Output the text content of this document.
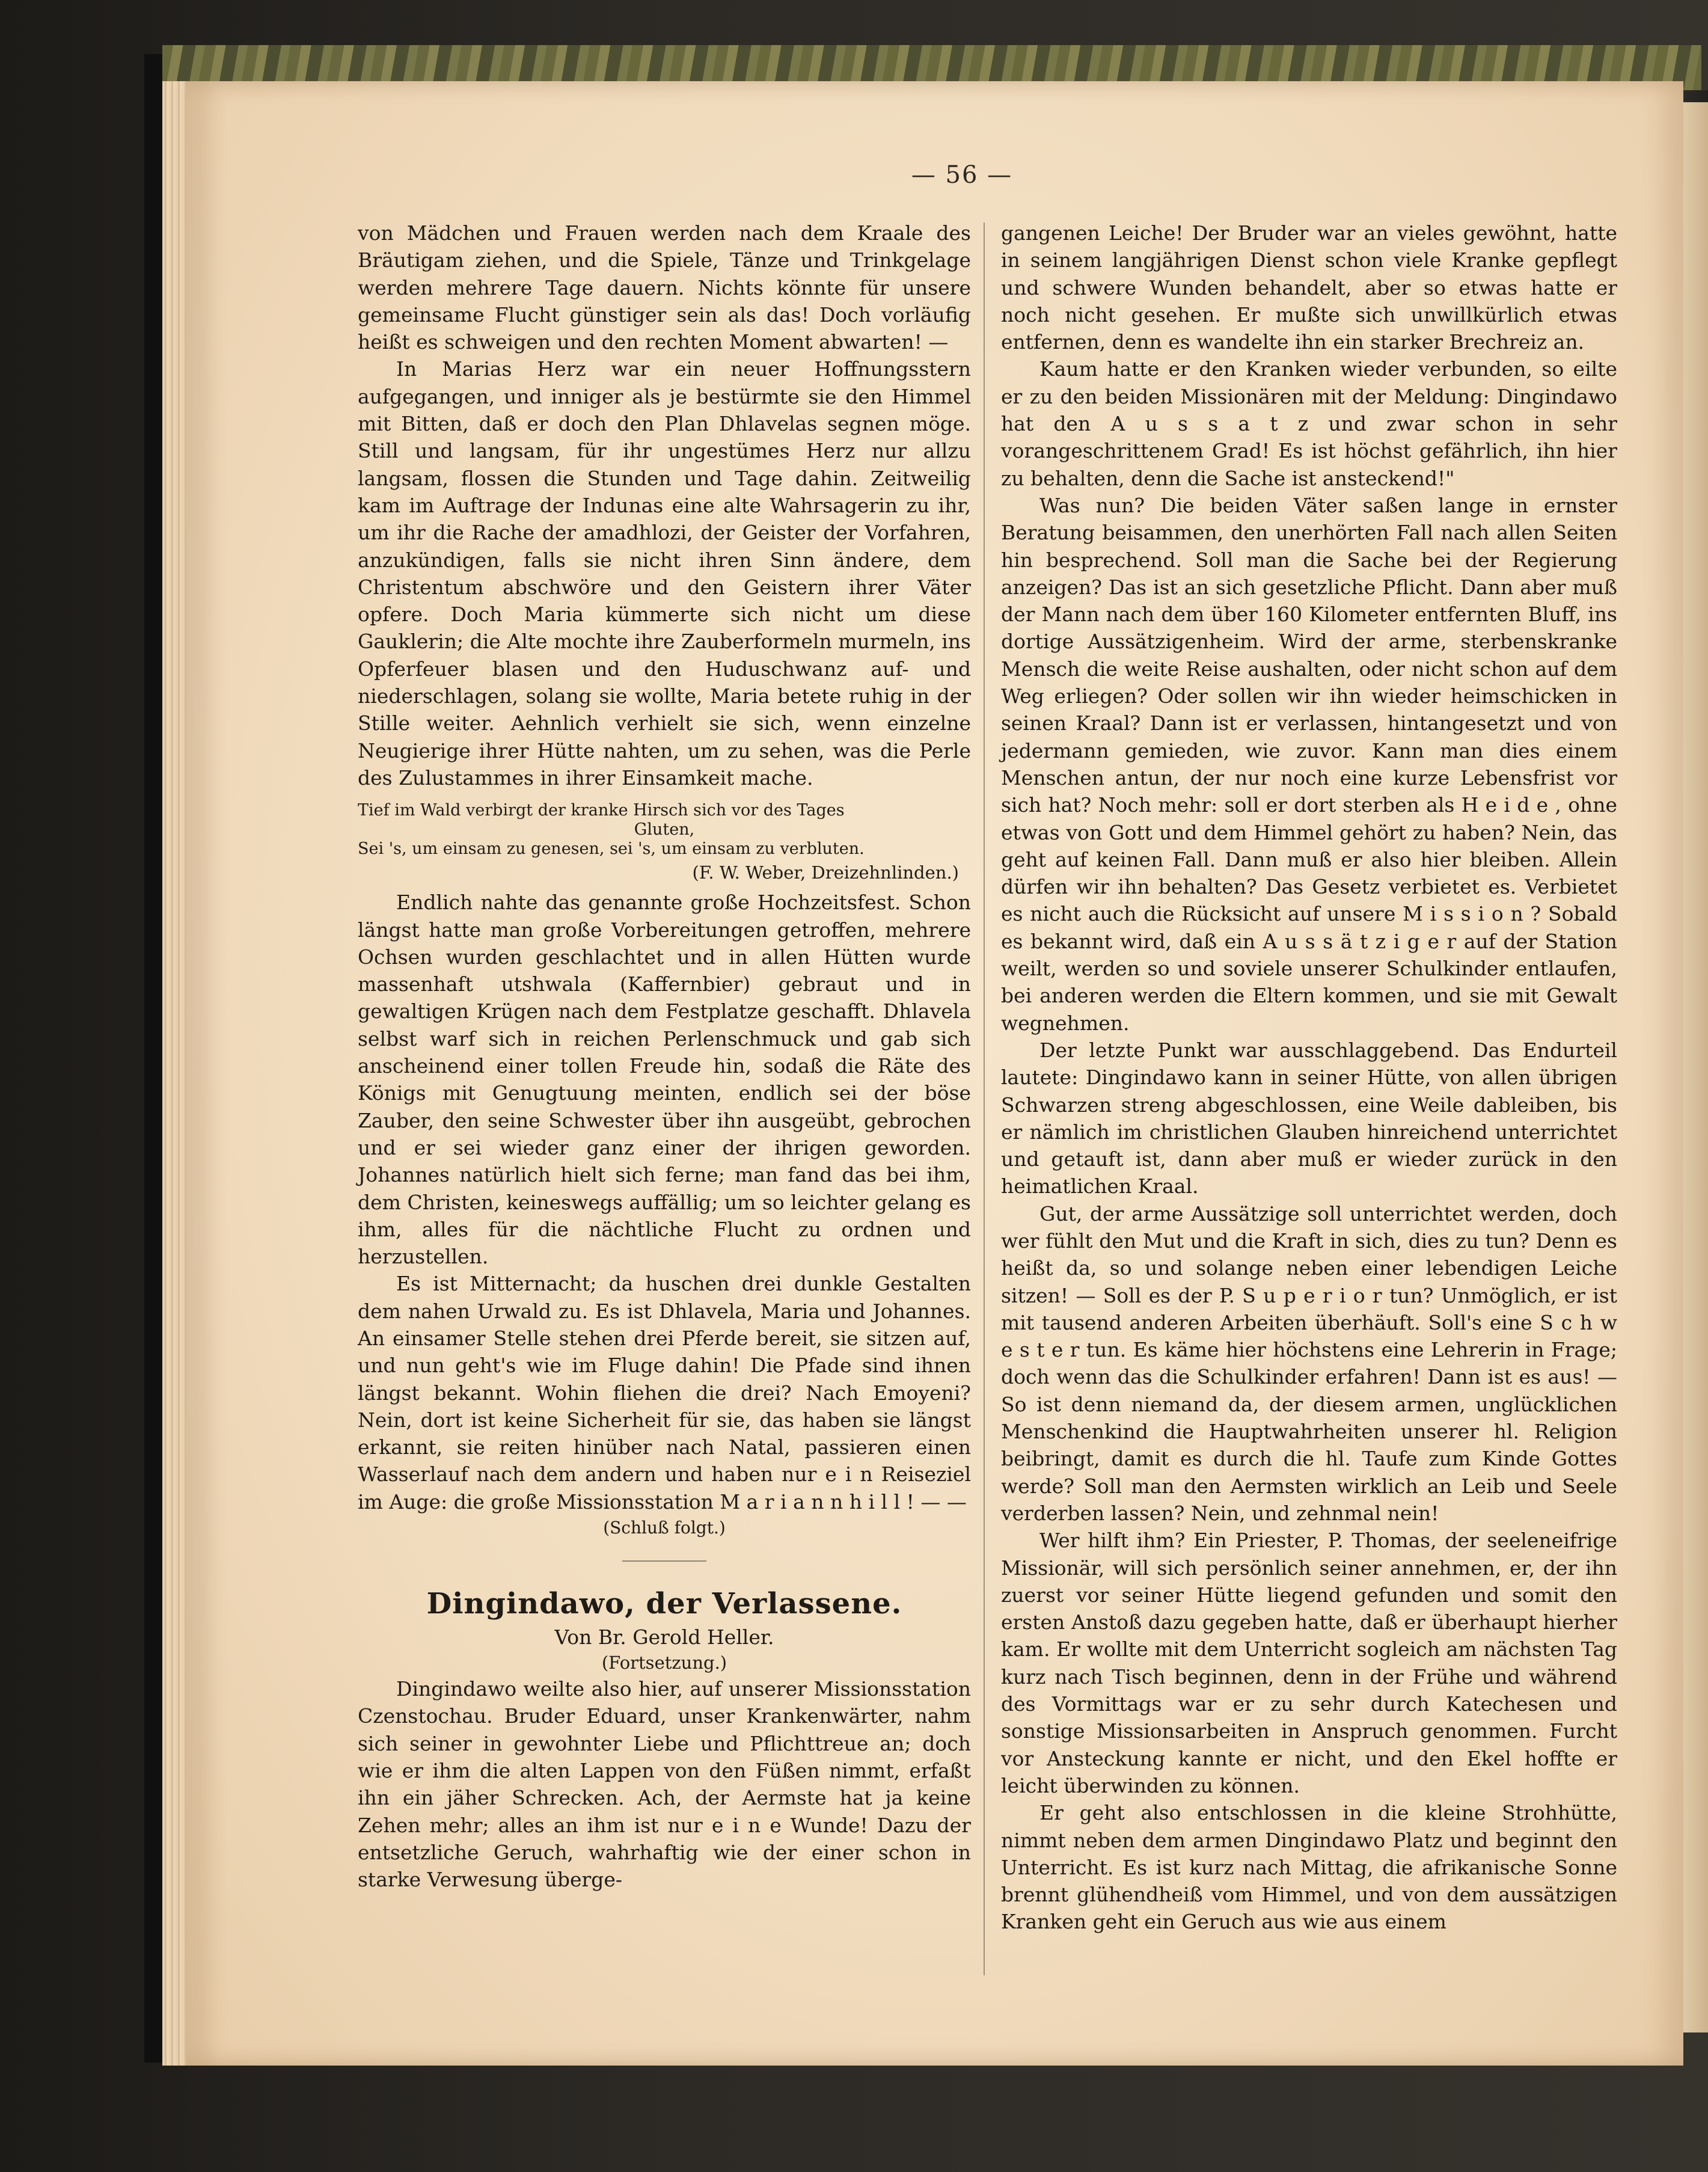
— 56 —

von Mädchen und Frauen werden nach dem Kraale des Bräutigam ziehen, und die Spiele, Tänze und Trinkgelage werden mehrere Tage dauern. Nichts könnte für unsere gemeinsame Flucht günstiger sein als das! Doch vorläufig heißt es schweigen und den rechten Moment abwarten! —

In Marias Herz war ein neuer Hoffnungsstern aufgegangen, und inniger als je bestürmte sie den Himmel mit Bitten, daß er doch den Plan Dhlavelas segnen möge. Still und langsam, für ihr ungestümes Herz nur allzu langsam, flossen die Stunden und Tage dahin. Zeitweilig kam im Auftrage der Indunas eine alte Wahrsagerin zu ihr, um ihr die Rache der amadhlozi, der Geister der Vorfahren, anzukündigen, falls sie nicht ihren Sinn ändere, dem Christentum abschwöre und den Geistern ihrer Väter opfere. Doch Maria kümmerte sich nicht um diese Gauklerin; die Alte mochte ihre Zauberformeln murmeln, ins Opferfeuer blasen und den Huduschwanz auf- und niederschlagen, solang sie wollte, Maria betete ruhig in der Stille weiter. Aehnlich verhielt sie sich, wenn einzelne Neugierige ihrer Hütte nahten, um zu sehen, was die Perle des Zulustammes in ihrer Einsamkeit mache.

Tief im Wald verbirgt der kranke Hirsch sich vor des Tages
Gluten,
Sei 's, um einsam zu genesen, sei 's, um einsam zu verbluten.
(F. W. Weber, Dreizehnlinden.)

Endlich nahte das genannte große Hochzeitsfest. Schon längst hatte man große Vorbereitungen getroffen, mehrere Ochsen wurden geschlachtet und in allen Hütten wurde massenhaft utshwala (Kaffernbier) gebraut und in gewaltigen Krügen nach dem Festplatze geschafft. Dhlavela selbst warf sich in reichen Perlenschmuck und gab sich anscheinend einer tollen Freude hin, sodaß die Räte des Königs mit Genugtuung meinten, endlich sei der böse Zauber, den seine Schwester über ihn ausgeübt, gebrochen und er sei wieder ganz einer der ihrigen geworden. Johannes natürlich hielt sich ferne; man fand das bei ihm, dem Christen, keineswegs auffällig; um so leichter gelang es ihm, alles für die nächtliche Flucht zu ordnen und herzustellen.

Es ist Mitternacht; da huschen drei dunkle Gestalten dem nahen Urwald zu. Es ist Dhlavela, Maria und Johannes. An einsamer Stelle stehen drei Pferde bereit, sie sitzen auf, und nun geht's wie im Fluge dahin! Die Pfade sind ihnen längst bekannt. Wohin fliehen die drei? Nach Emoyeni? Nein, dort ist keine Sicherheit für sie, das haben sie längst erkannt, sie reiten hinüber nach Natal, passieren einen Wasserlauf nach dem andern und haben nur e i n Reiseziel im Auge: die große Missionsstation M a r i a n n h i l l ! — —

(Schluß folgt.)
Dingindawo, der Verlassene.
Von Br. Gerold Heller.
(Fortsetzung.)

Dingindawo weilte also hier, auf unserer Missionsstation Czenstochau. Bruder Eduard, unser Krankenwärter, nahm sich seiner in gewohnter Liebe und Pflichttreue an; doch wie er ihm die alten Lappen von den Füßen nimmt, erfaßt ihn ein jäher Schrecken. Ach, der Aermste hat ja keine Zehen mehr; alles an ihm ist nur e i n e Wunde! Dazu der entsetzliche Geruch, wahrhaftig wie der einer schon in starke Verwesung überge-

gangenen Leiche! Der Bruder war an vieles gewöhnt, hatte in seinem langjährigen Dienst schon viele Kranke gepflegt und schwere Wunden behandelt, aber so etwas hatte er noch nicht gesehen. Er mußte sich unwillkürlich etwas entfernen, denn es wandelte ihn ein starker Brechreiz an.

Kaum hatte er den Kranken wieder verbunden, so eilte er zu den beiden Missionären mit der Meldung: Dingindawo hat den A u s s a t z und zwar schon in sehr vorangeschrittenem Grad! Es ist höchst gefährlich, ihn hier zu behalten, denn die Sache ist ansteckend!"

Was nun? Die beiden Väter saßen lange in ernster Beratung beisammen, den unerhörten Fall nach allen Seiten hin besprechend. Soll man die Sache bei der Regierung anzeigen? Das ist an sich gesetzliche Pflicht. Dann aber muß der Mann nach dem über 160 Kilometer entfernten Bluff, ins dortige Aussätzigenheim. Wird der arme, sterbenskranke Mensch die weite Reise aushalten, oder nicht schon auf dem Weg erliegen? Oder sollen wir ihn wieder heimschicken in seinen Kraal? Dann ist er verlassen, hintangesetzt und von jedermann gemieden, wie zuvor. Kann man dies einem Menschen antun, der nur noch eine kurze Lebensfrist vor sich hat? Noch mehr: soll er dort sterben als H e i d e , ohne etwas von Gott und dem Himmel gehört zu haben? Nein, das geht auf keinen Fall. Dann muß er also hier bleiben. Allein dürfen wir ihn behalten? Das Gesetz verbietet es. Verbietet es nicht auch die Rücksicht auf unsere M i s s i o n ? Sobald es bekannt wird, daß ein A u s s ä t z i g e r auf der Station weilt, werden so und soviele unserer Schulkinder entlaufen, bei anderen werden die Eltern kommen, und sie mit Gewalt wegnehmen.

Der letzte Punkt war ausschlaggebend. Das Endurteil lautete: Dingindawo kann in seiner Hütte, von allen übrigen Schwarzen streng abgeschlossen, eine Weile dableiben, bis er nämlich im christlichen Glauben hinreichend unterrichtet und getauft ist, dann aber muß er wieder zurück in den heimatlichen Kraal.

Gut, der arme Aussätzige soll unterrichtet werden, doch wer fühlt den Mut und die Kraft in sich, dies zu tun? Denn es heißt da, so und solange neben einer lebendigen Leiche sitzen! — Soll es der P. S u p e r i o r tun? Unmöglich, er ist mit tausend anderen Arbeiten überhäuft. Soll's eine S c h w e s t e r tun. Es käme hier höchstens eine Lehrerin in Frage; doch wenn das die Schulkinder erfahren! Dann ist es aus! — So ist denn niemand da, der diesem armen, unglücklichen Menschenkind die Hauptwahrheiten unserer hl. Religion beibringt, damit es durch die hl. Taufe zum Kinde Gottes werde? Soll man den Aermsten wirklich an Leib und Seele verderben lassen? Nein, und zehnmal nein!

Wer hilft ihm? Ein Priester, P. Thomas, der seeleneifrige Missionär, will sich persönlich seiner annehmen, er, der ihn zuerst vor seiner Hütte liegend gefunden und somit den ersten Anstoß dazu gegeben hatte, daß er überhaupt hierher kam. Er wollte mit dem Unterricht sogleich am nächsten Tag kurz nach Tisch beginnen, denn in der Frühe und während des Vormittags war er zu sehr durch Katechesen und sonstige Missionsarbeiten in Anspruch genommen. Furcht vor Ansteckung kannte er nicht, und den Ekel hoffte er leicht überwinden zu können.

Er geht also entschlossen in die kleine Strohhütte, nimmt neben dem armen Dingindawo Platz und beginnt den Unterricht. Es ist kurz nach Mittag, die afrikanische Sonne brennt glühendheiß vom Himmel, und von dem aussätzigen Kranken geht ein Geruch aus wie aus einem
